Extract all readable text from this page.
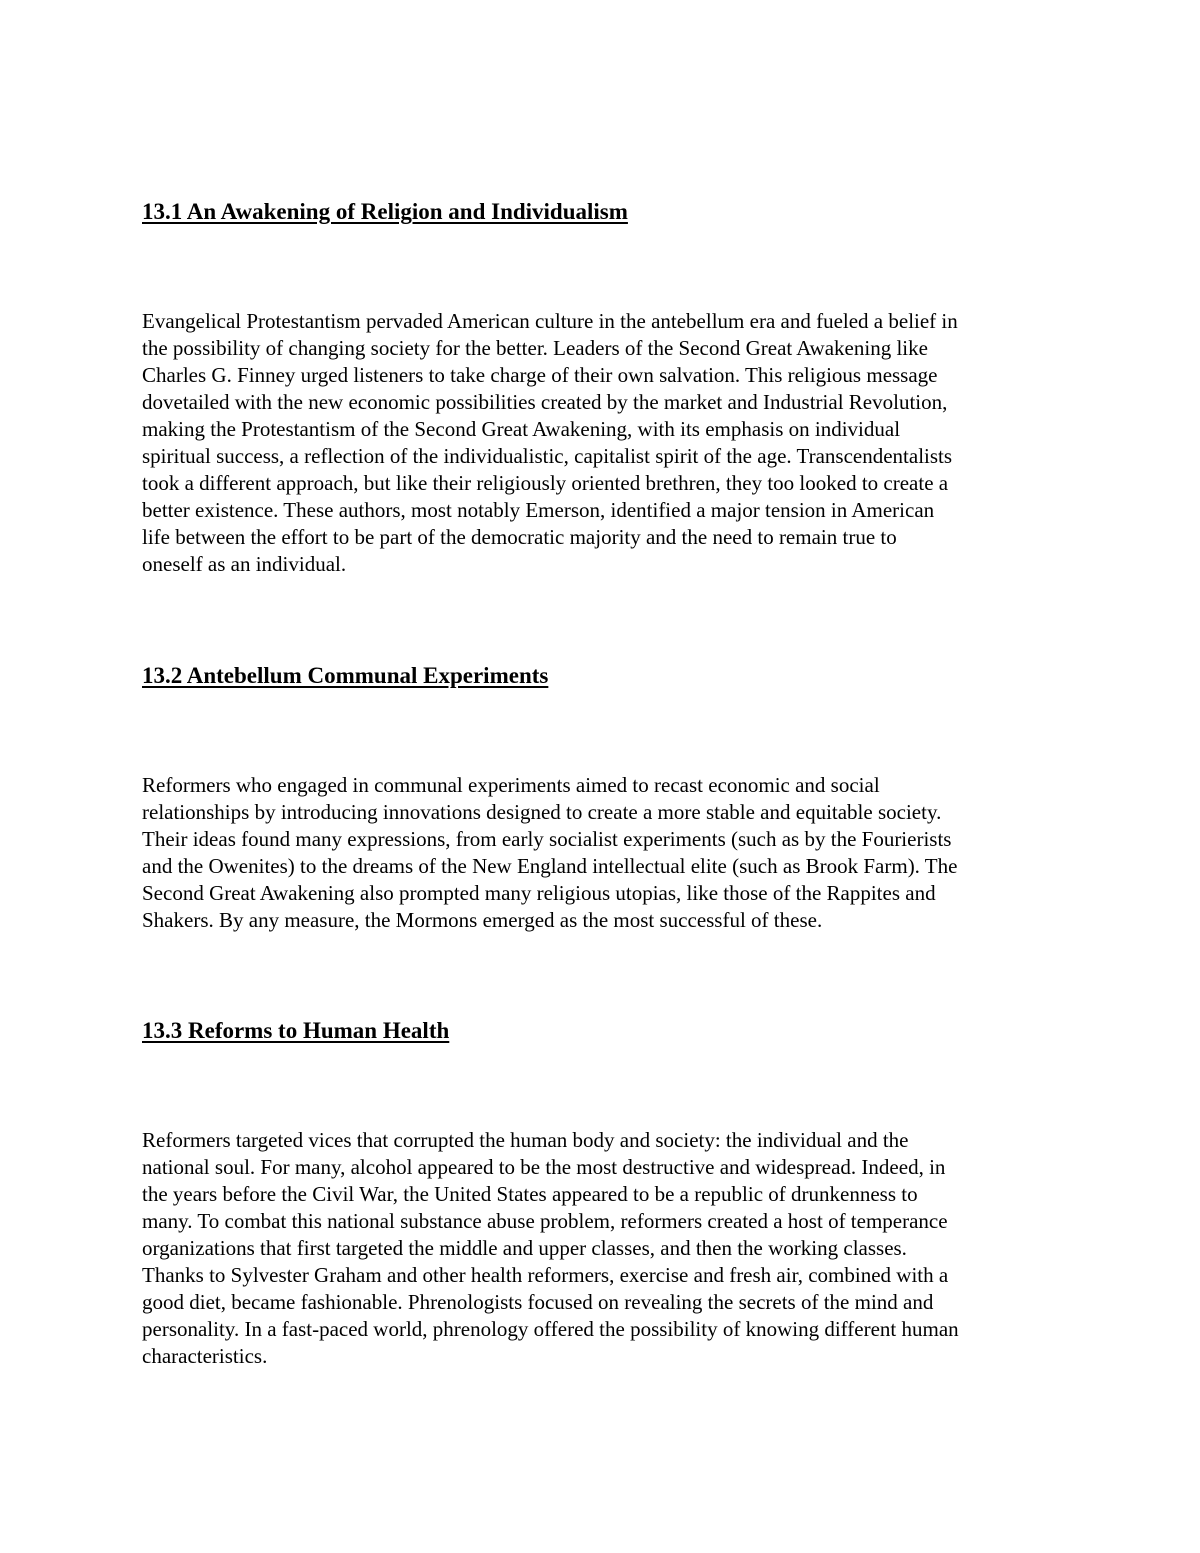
13.1 An Awakening of Religion and Individualism
Evangelical Protestantism pervaded American culture in the antebellum era and fueled a belief in
the possibility of changing society for the better. Leaders of the Second Great Awakening like
Charles G. Finney urged listeners to take charge of their own salvation. This religious message
dovetailed with the new economic possibilities created by the market and Industrial Revolution,
making the Protestantism of the Second Great Awakening, with its emphasis on individual
spiritual success, a reflection of the individualistic, capitalist spirit of the age. Transcendentalists
took a different approach, but like their religiously oriented brethren, they too looked to create a
better existence. These authors, most notably Emerson, identified a major tension in American
life between the effort to be part of the democratic majority and the need to remain true to
oneself as an individual.
13.2 Antebellum Communal Experiments
Reformers who engaged in communal experiments aimed to recast economic and social
relationships by introducing innovations designed to create a more stable and equitable society.
Their ideas found many expressions, from early socialist experiments (such as by the Fourierists
and the Owenites) to the dreams of the New England intellectual elite (such as Brook Farm). The
Second Great Awakening also prompted many religious utopias, like those of the Rappites and
Shakers. By any measure, the Mormons emerged as the most successful of these.
13.3 Reforms to Human Health
Reformers targeted vices that corrupted the human body and society: the individual and the
national soul. For many, alcohol appeared to be the most destructive and widespread. Indeed, in
the years before the Civil War, the United States appeared to be a republic of drunkenness to
many. To combat this national substance abuse problem, reformers created a host of temperance
organizations that first targeted the middle and upper classes, and then the working classes.
Thanks to Sylvester Graham and other health reformers, exercise and fresh air, combined with a
good diet, became fashionable. Phrenologists focused on revealing the secrets of the mind and
personality. In a fast-paced world, phrenology offered the possibility of knowing different human
characteristics.
